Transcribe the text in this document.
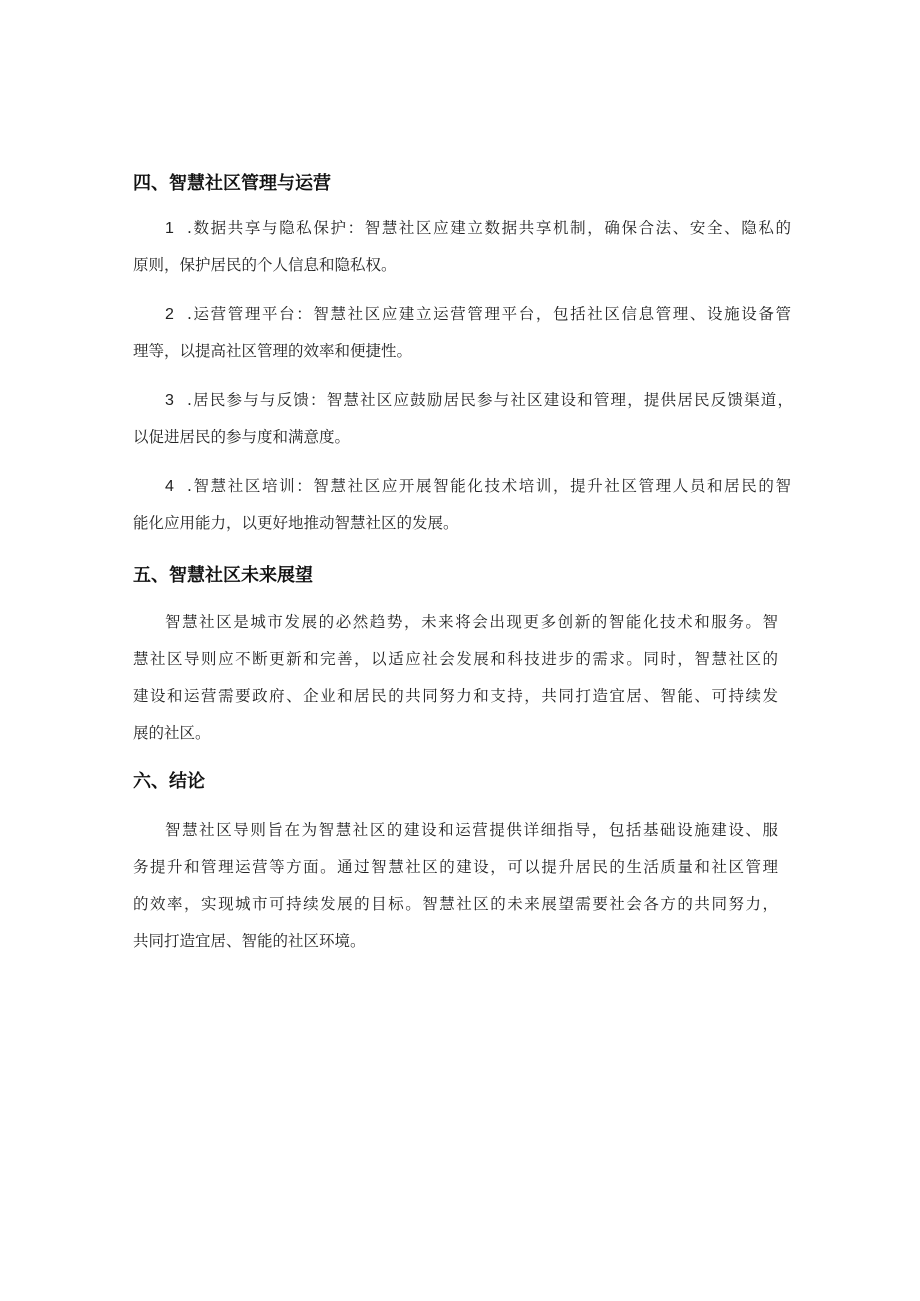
四、智慧社区管理与运营
1 .数据共享与隐私保护：智慧社区应建立数据共享机制，确保合法、安全、隐私的
原则，保护居民的个人信息和隐私权。
2 .运营管理平台：智慧社区应建立运营管理平台，包括社区信息管理、设施设备管
理等，以提高社区管理的效率和便捷性。
3 .居民参与与反馈：智慧社区应鼓励居民参与社区建设和管理，提供居民反馈渠道，
以促进居民的参与度和满意度。
4 .智慧社区培训：智慧社区应开展智能化技术培训，提升社区管理人员和居民的智
能化应用能力，以更好地推动智慧社区的发展。
五、智慧社区未来展望
智慧社区是城市发展的必然趋势，未来将会出现更多创新的智能化技术和服务。智
慧社区导则应不断更新和完善，以适应社会发展和科技进步的需求。同时，智慧社区的
建设和运营需要政府、企业和居民的共同努力和支持，共同打造宜居、智能、可持续发
展的社区。
六、结论
智慧社区导则旨在为智慧社区的建设和运营提供详细指导，包括基础设施建设、服
务提升和管理运营等方面。通过智慧社区的建设，可以提升居民的生活质量和社区管理
的效率，实现城市可持续发展的目标。智慧社区的未来展望需要社会各方的共同努力，
共同打造宜居、智能的社区环境。
